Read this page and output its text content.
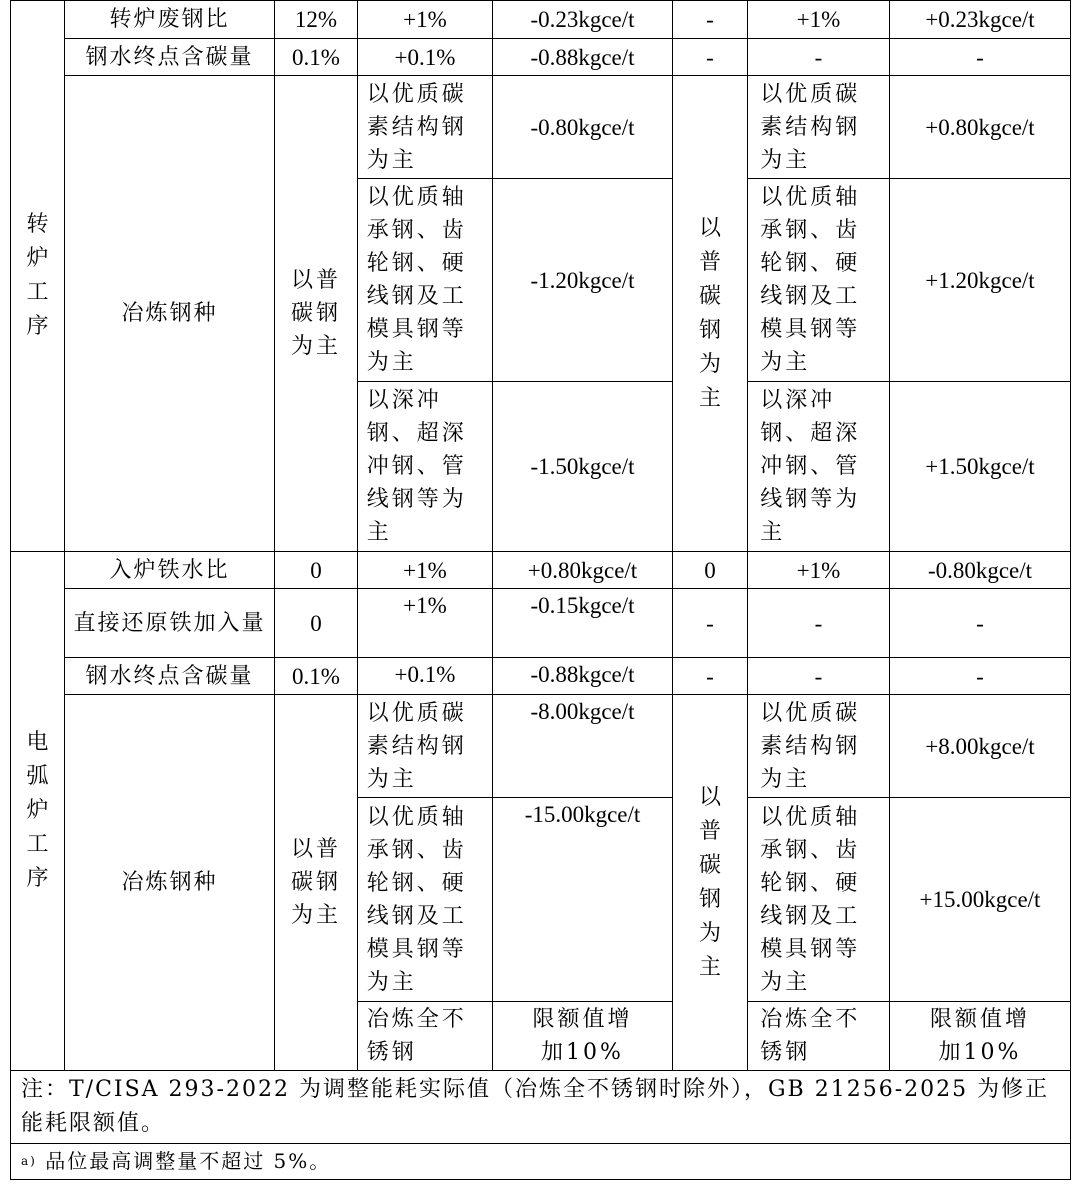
转炉工序	转炉废钢比	12%	+1%	-0.23kgce/t	-	+1%	+0.23kgce/t
	钢水终点含碳量	0.1%	+0.1%	-0.88kgce/t	-	-	-
	冶炼钢种	以普碳钢为主	以优质碳素结构钢为主	-0.80kgce/t	以普碳钢为主	以优质碳素结构钢为主	+0.80kgce/t
			以优质轴承钢、齿轮钢、硬线钢及工模具钢等为主	-1.20kgce/t		以优质轴承钢、齿轮钢、硬线钢及工模具钢等为主	+1.20kgce/t
			以深冲钢、超深冲钢、管线钢等为主	-1.50kgce/t		以深冲钢、超深冲钢、管线钢等为主	+1.50kgce/t
电弧炉工序	入炉铁水比	0	+1%	+0.80kgce/t	0	+1%	-0.80kgce/t
	直接还原铁加入量	0	+1%	-0.15kgce/t	-	-	-
	钢水终点含碳量	0.1%	+0.1%	-0.88kgce/t	-	-	-
	冶炼钢种	以普碳钢为主	以优质碳素结构钢为主	-8.00kgce/t	以普碳钢为主	以优质碳素结构钢为主	+8.00kgce/t
			以优质轴承钢、齿轮钢、硬线钢及工模具钢等为主	-15.00kgce/t		以优质轴承钢、齿轮钢、硬线钢及工模具钢等为主	+15.00kgce/t
			冶炼全不锈钢	限额值增加10%		冶炼全不锈钢	限额值增加10%
注：T/CISA 293-2022 为调整能耗实际值（冶炼全不锈钢时除外），GB 21256-2025 为修正能耗限额值。							
$^{a)}$ 品位最高调整量不超过 5%。							
